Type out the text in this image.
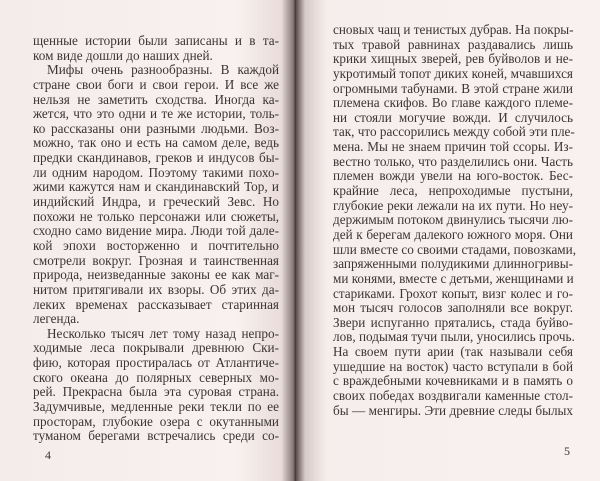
щенные истории были записаны и в та-
ком виде дошли до наших дней.
Мифы очень разнообразны. В каждой
стране свои боги и свои герои. И все же
нельзя не заметить сходства. Иногда ка-
жется, что это одни и те же истории, толь-
ко рассказаны они разными людьми. Воз-
можно, так оно и есть на самом деле, ведь
предки скандинавов, греков и индусов бы-
ли одним народом. Поэтому такими похо-
жими кажутся нам и скандинавский Тор, и
индийский Индра, и греческий Зевс. Но
похожи не только персонажи или сюжеты,
сходно само видение мира. Люди той дале-
кой эпохи восторженно и почтительно
смотрели вокруг. Грозная и таинственная
природа, неизведанные законы ее как маг-
нитом притягивали их взоры. Об этих да-
леких временах рассказывает старинная
легенда.
Несколько тысяч лет тому назад непро-
ходимые леса покрывали древнюю Ски-
фию, которая простиралась от Атлантиче-
ского океана до полярных северных мо-
рей. Прекрасна была эта суровая страна.
Задумчивые, медленные реки текли по ее
просторам, глубокие озера с окутанными
туманом берегами встречались среди со-
4
сновых чащ и тенистых дубрав. На покры-
тых травой равнинах раздавались лишь
крики хищных зверей, рев буйволов и не-
укротимый топот диких коней, мчавшихся
огромными табунами. В этой стране жили
племена скифов. Во главе каждого племе-
ни стояли могучие вожди. И случилось
так, что рассорились между собой эти пле-
мена. Мы не знаем причин той ссоры. Из-
вестно только, что разделились они. Часть
племен вожди увели на юго-восток. Бес-
крайние леса, непроходимые пустыни,
глубокие реки лежали на их пути. Но неу-
держимым потоком двинулись тысячи лю-
дей к берегам далекого южного моря. Они
шли вместе со своими стадами, повозками,
запряженными полудикими длинногривы-
ми конями, вместе с детьми, женщинами и
стариками. Грохот копыт, визг колес и го-
мон тысяч голосов заполняли все вокруг.
Звери испуганно прятались, стада буйво-
лов, подымая тучи пыли, уносились прочь.
На своем пути арии (так называли себя
ушедшие на восток) часто вступали в бой
с враждебными кочевниками и в память о
своих победах воздвигали каменные стол-
бы — менгиры. Эти древние следы былых
5
